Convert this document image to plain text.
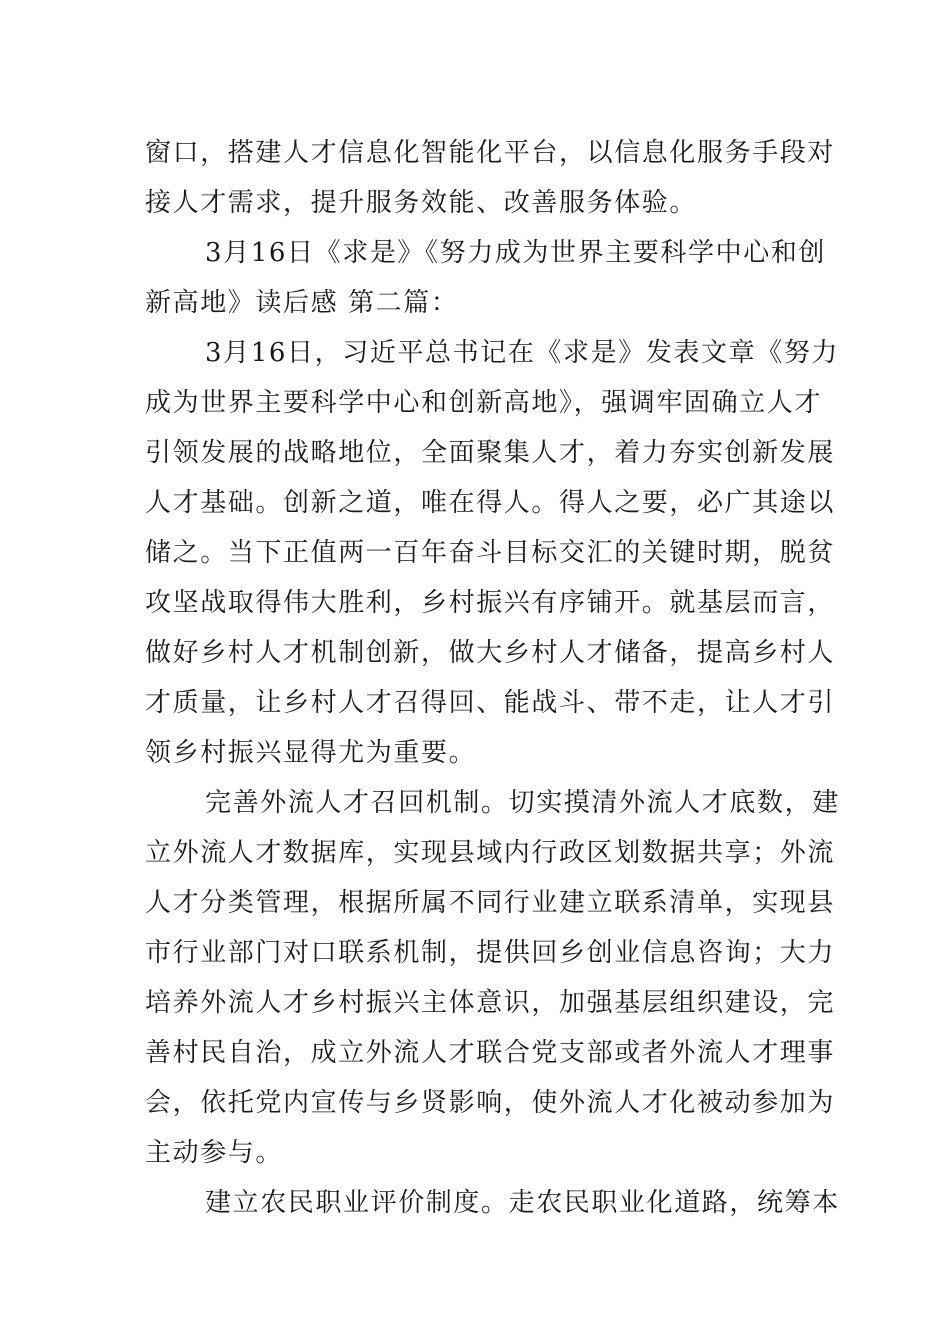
窗口，搭建人才信息化智能化平台，以信息化服务手段对
接人才需求，提升服务效能、改善服务体验。
3月16日《求是》《努力成为世界主要科学中心和创
新高地》读后感 第二篇：
3月16日，习近平总书记在《求是》发表文章《努力
成为世界主要科学中心和创新高地》，强调牢固确立人才
引领发展的战略地位，全面聚集人才，着力夯实创新发展
人才基础。创新之道，唯在得人。得人之要，必广其途以
储之。当下正值两一百年奋斗目标交汇的关键时期，脱贫
攻坚战取得伟大胜利，乡村振兴有序铺开。就基层而言，
做好乡村人才机制创新，做大乡村人才储备，提高乡村人
才质量，让乡村人才召得回、能战斗、带不走，让人才引
领乡村振兴显得尤为重要。
完善外流人才召回机制。切实摸清外流人才底数，建
立外流人才数据库，实现县域内行政区划数据共享；外流
人才分类管理，根据所属不同行业建立联系清单，实现县
市行业部门对口联系机制，提供回乡创业信息咨询；大力
培养外流人才乡村振兴主体意识，加强基层组织建设，完
善村民自治，成立外流人才联合党支部或者外流人才理事
会，依托党内宣传与乡贤影响，使外流人才化被动参加为
主动参与。
建立农民职业评价制度。走农民职业化道路，统筹本
